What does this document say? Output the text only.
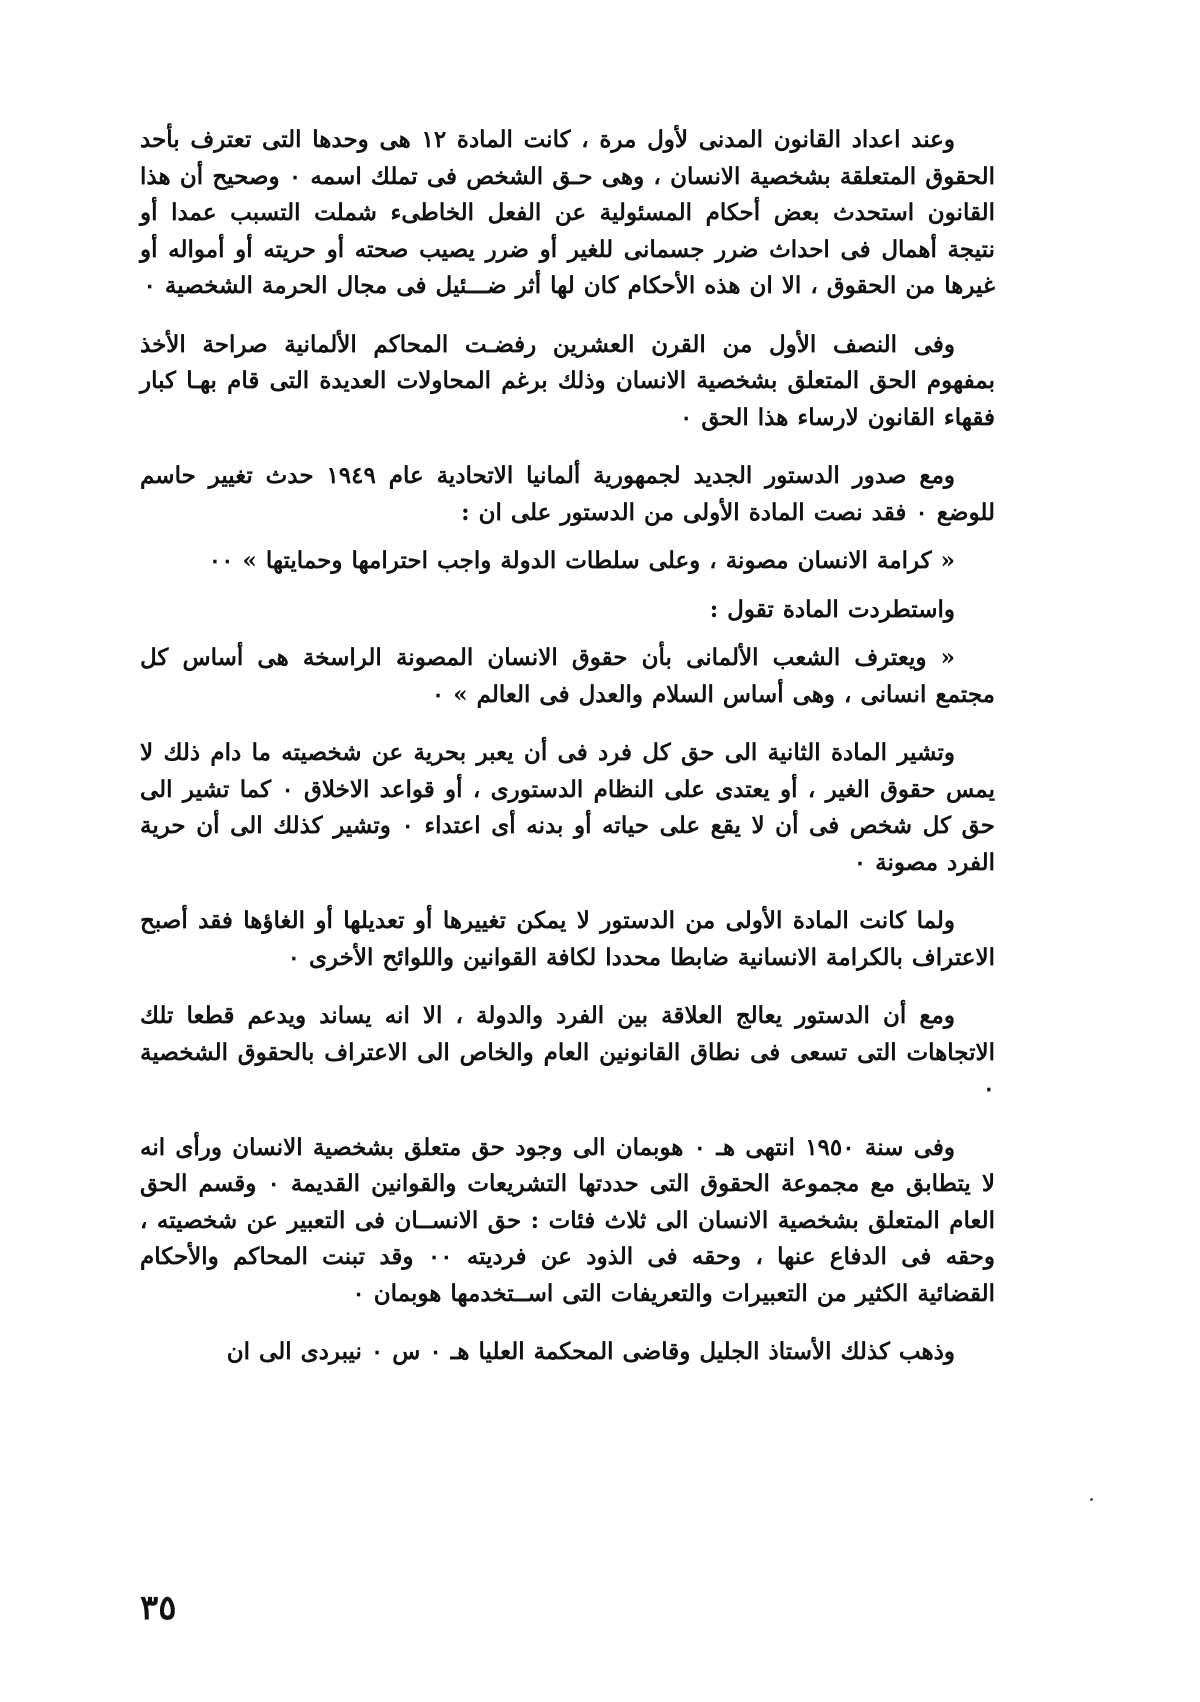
وعند اعداد القانون المدنى لأول مرة ، كانت المادة ١٢ هى وحدها التى تعترف بأحد الحقوق المتعلقة بشخصية الانسان ، وهى حـق الشخص فى تملك اسمه ٠ وصحيح أن هذا القانون استحدث بعض أحكام المسئولية عن الفعل الخاطىء شملت التسبب عمدا أو نتيجة أهمال فى احداث ضرر جسمانى للغير أو ضرر يصيب صحته أو حريته أو أمواله أو غيرها من الحقوق ، الا ان هذه الأحكام كان لها أثر ضـــئيل فى مجال الحرمة الشخصية ٠

وفى النصف الأول من القرن العشرين رفضـت المحاكم الألمانية صراحة الأخذ بمفهوم الحق المتعلق بشخصية الانسان وذلك برغم المحاولات العديدة التى قام بهـا كبار فقهاء القانون لارساء هذا الحق ٠

ومع صدور الدستور الجديد لجمهورية ألمانيا الاتحادية عام ١٩٤٩ حدث تغيير حاسم للوضع ٠ فقد نصت المادة الأولى من الدستور على ان :

« كرامة الانسان مصونة ، وعلى سلطات الدولة واجب احترامها وحمايتها » ٠٠

واستطردت المادة تقول :

« ويعترف الشعب الألمانى بأن حقوق الانسان المصونة الراسخة هى أساس كل مجتمع انسانى ، وهى أساس السلام والعدل فى العالم » ٠

وتشير المادة الثانية الى حق كل فرد فى أن يعبر بحرية عن شخصيته ما دام ذلك لا يمس حقوق الغير ، أو يعتدى على النظام الدستورى ، أو قواعد الاخلاق ٠ كما تشير الى حق كل شخص فى أن لا يقع على حياته أو بدنه أى اعتداء ٠ وتشير كذلك الى أن حرية الفرد مصونة ٠

ولما كانت المادة الأولى من الدستور لا يمكن تغييرها أو تعديلها أو الغاؤها فقد أصبح الاعتراف بالكرامة الانسانية ضابطا محددا لكافة القوانين واللوائح الأخرى ٠

ومع أن الدستور يعالج العلاقة بين الفرد والدولة ، الا انه يساند ويدعم قطعا تلك الاتجاهات التى تسعى فى نطاق القانونين العام والخاص الى الاعتراف بالحقوق الشخصية ٠

وفى سنة ١٩٥٠ انتهى هـ ٠ هوبمان الى وجود حق متعلق بشخصية الانسان ورأى انه لا يتطابق مع مجموعة الحقوق التى حددتها التشريعات والقوانين القديمة ٠ وقسم الحق العام المتعلق بشخصية الانسان الى ثلاث فئات : حق الانســان فى التعبير عن شخصيته ، وحقه فى الدفاع عنها ، وحقه فى الذود عن فرديته ٠٠ وقد تبنت المحاكم والأحكام القضائية الكثير من التعبيرات والتعريفات التى اســتخدمها هوبمان ٠

وذهب كذلك الأستاذ الجليل وقاضى المحكمة العليا هـ ٠ س ٠ نيبردى الى ان

٣٥
